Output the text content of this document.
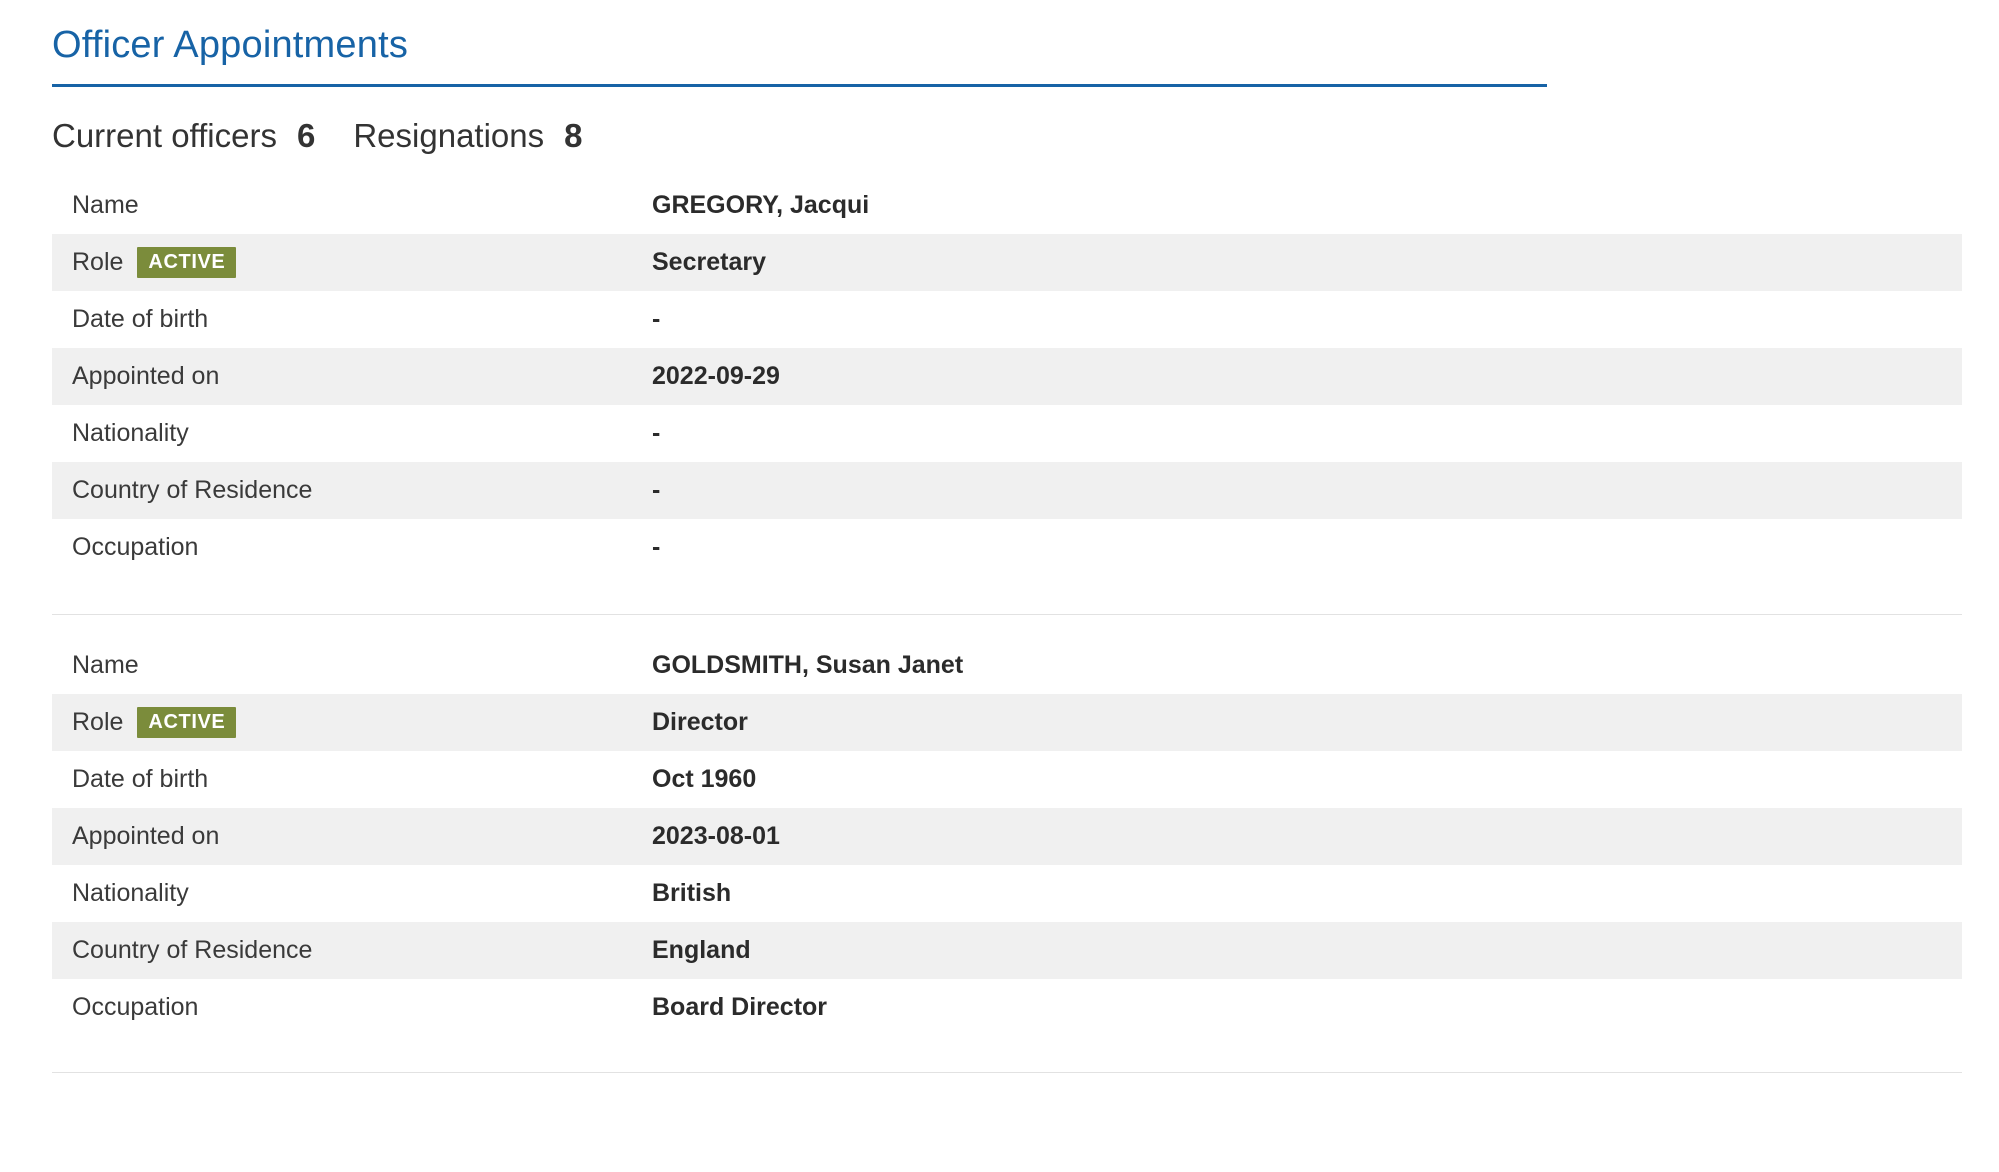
Officer Appointments
Current officers 6 Resignations 8
Name	GREGORY, Jacqui
Role	ACTIVE	Secretary
Date of birth	-
Appointed on	2022-09-29
Nationality	-
Country of Residence	-
Occupation	-
Name	GOLDSMITH, Susan Janet
Role	ACTIVE	Director
Date of birth	Oct 1960
Appointed on	2023-08-01
Nationality	British
Country of Residence	England
Occupation	Board Director
